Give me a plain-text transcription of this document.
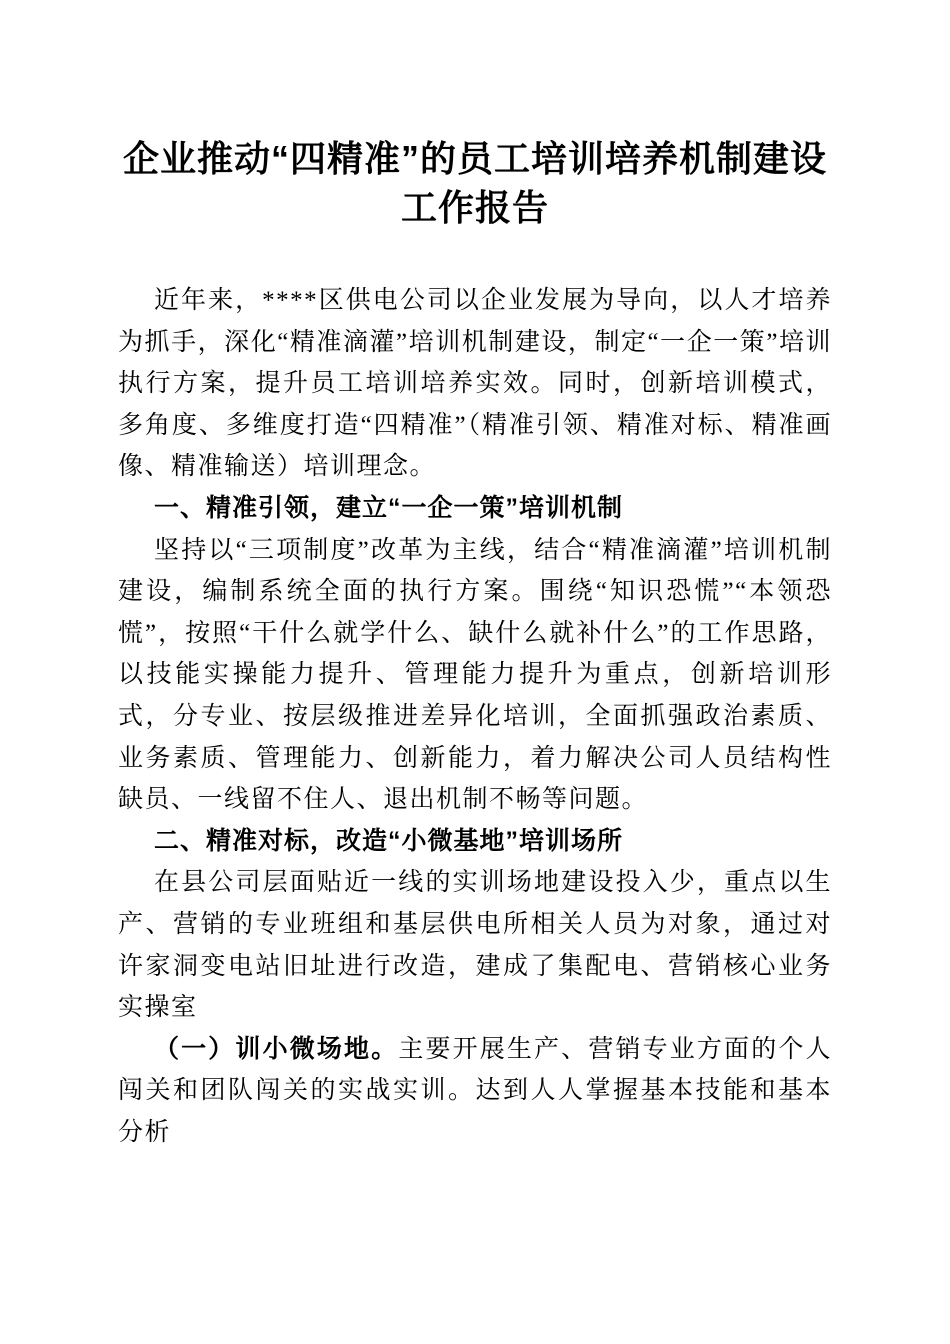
企业推动“四精准”的员工培训培养机制建设
工作报告

近年来，****区供电公司以企业发展为导向，以人才培养为抓手，深化“精准滴灌”培训机制建设，制定“一企一策”培训执行方案，提升员工培训培养实效。同时，创新培训模式，多角度、多维度打造“四精准”（精准引领、精准对标、精准画像、精准输送）培训理念。

一、精准引领，建立“一企一策”培训机制

坚持以“三项制度”改革为主线，结合“精准滴灌”培训机制建设，编制系统全面的执行方案。围绕“知识恐慌”“本领恐慌”，按照“干什么就学什么、缺什么就补什么”的工作思路，以技能实操能力提升、管理能力提升为重点，创新培训形式，分专业、按层级推进差异化培训，全面抓强政治素质、业务素质、管理能力、创新能力，着力解决公司人员结构性缺员、一线留不住人、退出机制不畅等问题。

二、精准对标，改造“小微基地”培训场所

在县公司层面贴近一线的实训场地建设投入少，重点以生产、营销的专业班组和基层供电所相关人员为对象，通过对许家洞变电站旧址进行改造，建成了集配电、营销核心业务实操室

（一）训小微场地。主要开展生产、营销专业方面的个人闯关和团队闯关的实战实训。达到人人掌握基本技能和基本分析
